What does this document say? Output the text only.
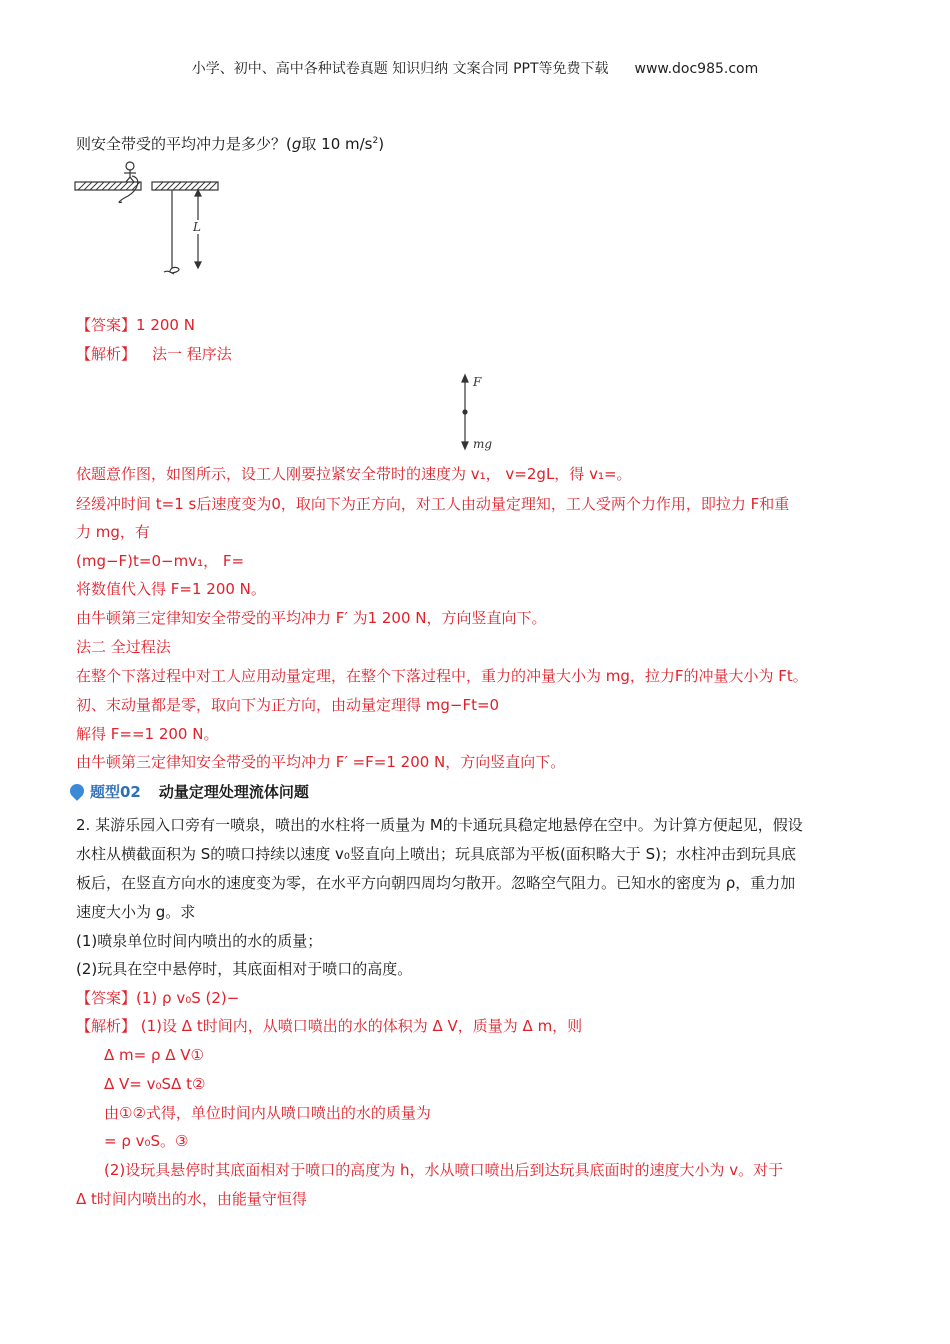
小学、初中、高中各种试卷真题 知识归纳 文案合同 PPT等免费下载 www.doc985.com
则安全带受的平均冲力是多少？(g取 10 $m/s^2$)
L
【答案】1 200 N
【解析】 法一 程序法
F
mg
依题意作图，如图所示，设工人刚要拉紧安全带时的速度为 v₁， v=2gL，得 v₁=。
经缓冲时间 t=1 s后速度变为0，取向下为正方向，对工人由动量定理知，工人受两个力作用，即拉力 F和重
力 mg，有
(mg−F)t=0−mv₁， F=
将数值代入得 F=1 200 N。
由牛顿第三定律知安全带受的平均冲力 F′ 为1 200 N，方向竖直向下。
法二 全过程法
在整个下落过程中对工人应用动量定理，在整个下落过程中，重力的冲量大小为 mg，拉力F的冲量大小为 Ft。
初、末动量都是零，取向下为正方向，由动量定理得 mg−Ft=0
解得 F==1 200 N。
由牛顿第三定律知安全带受的平均冲力 F′ =F=1 200 N，方向竖直向下。
题型02 动量定理处理流体问题
2. 某游乐园入口旁有一喷泉，喷出的水柱将一质量为 M的卡通玩具稳定地悬停在空中。为计算方便起见，假设
水柱从横截面积为 S的喷口持续以速度 v₀竖直向上喷出；玩具底部为平板(面积略大于 S)；水柱冲击到玩具底
板后，在竖直方向水的速度变为零，在水平方向朝四周均匀散开。忽略空气阻力。已知水的密度为 ρ，重力加
速度大小为 g。求
(1)喷泉单位时间内喷出的水的质量；
(2)玩具在空中悬停时，其底面相对于喷口的高度。
【答案】(1) ρ v₀S (2)−
【解析】 (1)设 Δ t时间内，从喷口喷出的水的体积为 Δ V，质量为 Δ m，则
Δ m= ρ Δ V①
Δ V= v₀SΔ t②
由①②式得，单位时间内从喷口喷出的水的质量为
= ρ v₀S。③
(2)设玩具悬停时其底面相对于喷口的高度为 h，水从喷口喷出后到达玩具底面时的速度大小为 v。对于
Δ t时间内喷出的水，由能量守恒得
